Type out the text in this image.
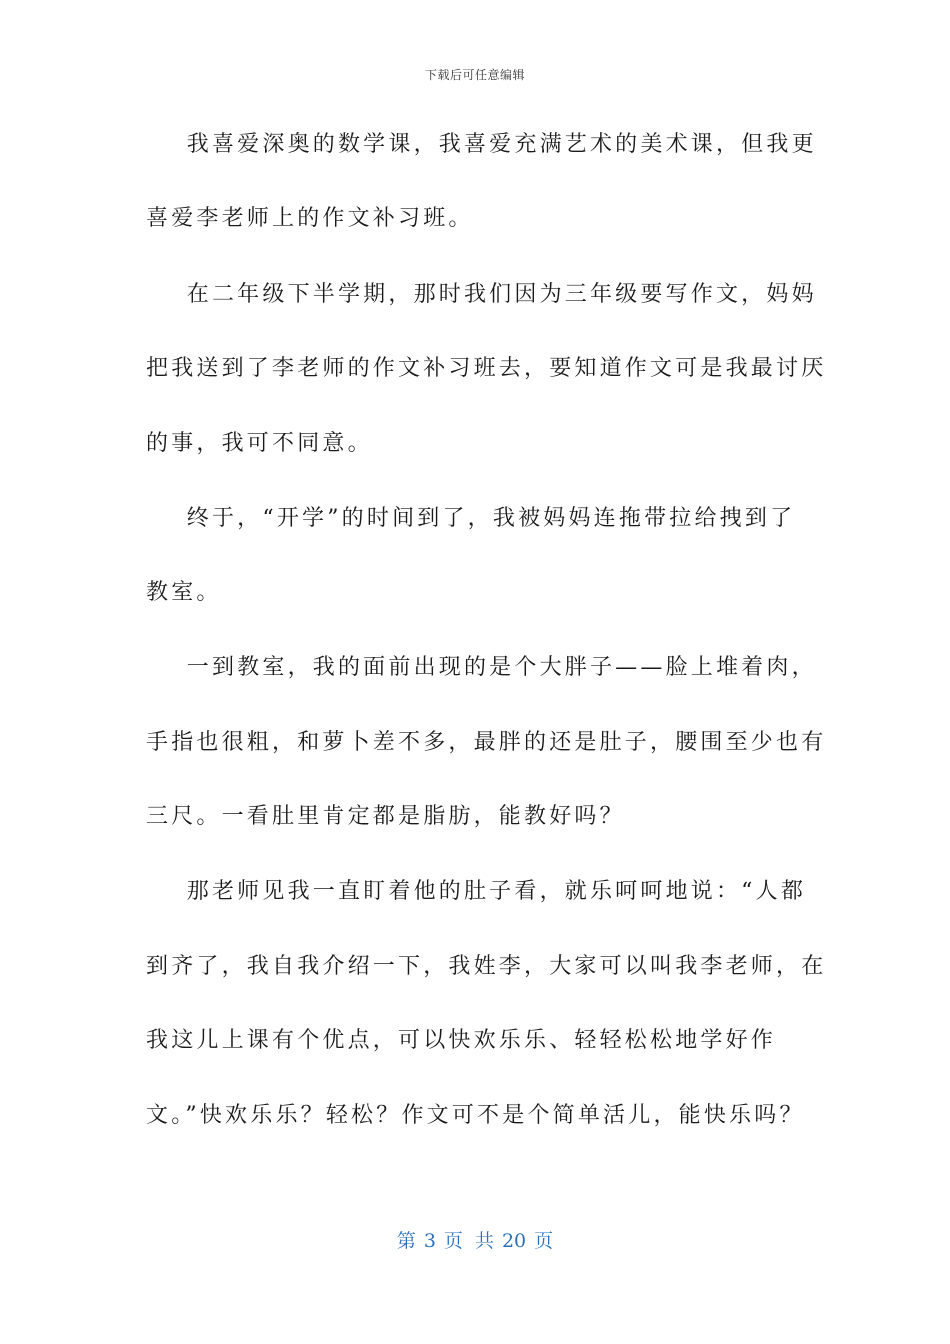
下载后可任意编辑
我喜爱深奥的数学课，我喜爱充满艺术的美术课，但我更
喜爱李老师上的作文补习班。
在二年级下半学期，那时我们因为三年级要写作文，妈妈
把我送到了李老师的作文补习班去，要知道作文可是我最讨厌
的事，我可不同意。
终于，“开学”的时间到了，我被妈妈连拖带拉给拽到了
教室。
一到教室，我的面前出现的是个大胖子——脸上堆着肉，
手指也很粗，和萝卜差不多，最胖的还是肚子，腰围至少也有
三尺。一看肚里肯定都是脂肪，能教好吗？
那老师见我一直盯着他的肚子看，就乐呵呵地说：“人都
到齐了，我自我介绍一下，我姓李，大家可以叫我李老师，在
我这儿上课有个优点，可以快欢乐乐、轻轻松松地学好作
文。”快欢乐乐？轻松？作文可不是个简单活儿，能快乐吗？
第 3 页 共 20 页
